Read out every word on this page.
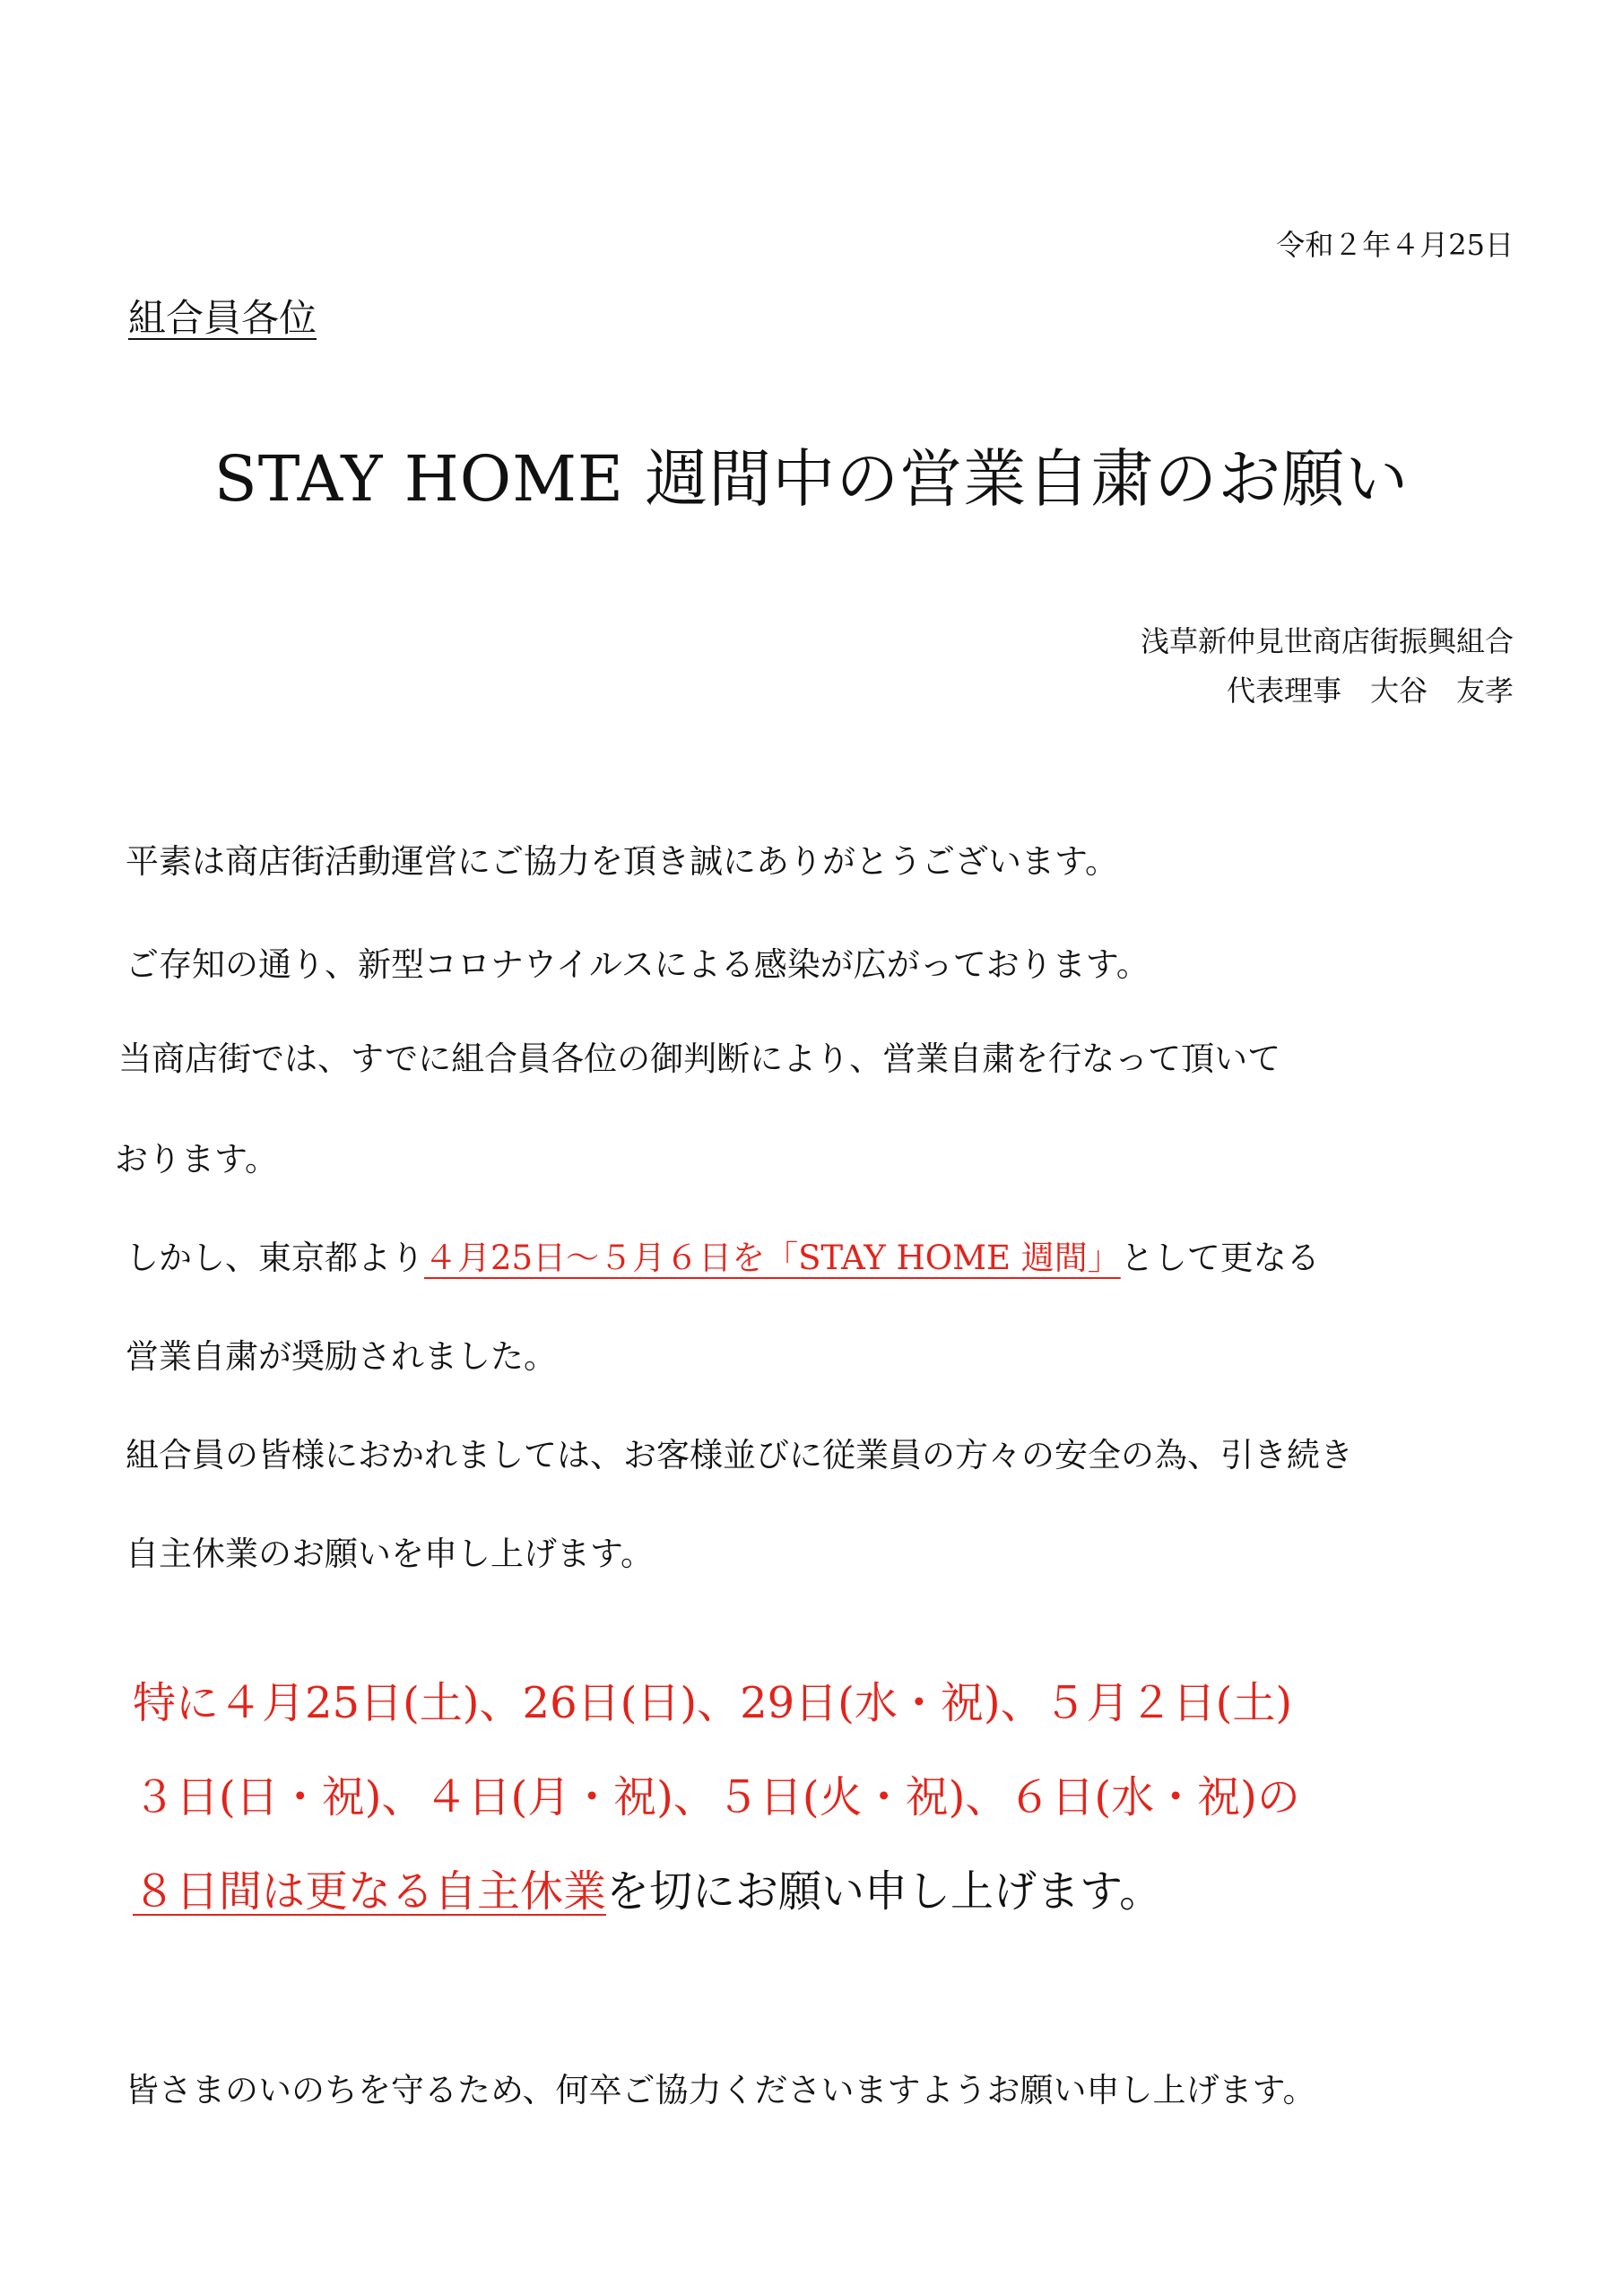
令和２年４月25日
組合員各位
STAY HOME 週間中の営業自粛のお願い
浅草新仲見世商店街振興組合
代表理事　大谷　友孝
平素は商店街活動運営にご協力を頂き誠にありがとうございます。
ご存知の通り、新型コロナウイルスによる感染が広がっております。
当商店街では、すでに組合員各位の御判断により、営業自粛を行なって頂いて
おります。
しかし、東京都より４月25日〜５月６日を「STAY HOME 週間」として更なる
営業自粛が奨励されました。
組合員の皆様におかれましては、お客様並びに従業員の方々の安全の為、引き続き
自主休業のお願いを申し上げます。
特に４月25日(土)、26日(日)、29日(水・祝)、５月２日(土)
３日(日・祝)、４日(月・祝)、５日(火・祝)、６日(水・祝)の
８日間は更なる自主休業を切にお願い申し上げます。
皆さまのいのちを守るため、何卒ご協力くださいますようお願い申し上げます。
